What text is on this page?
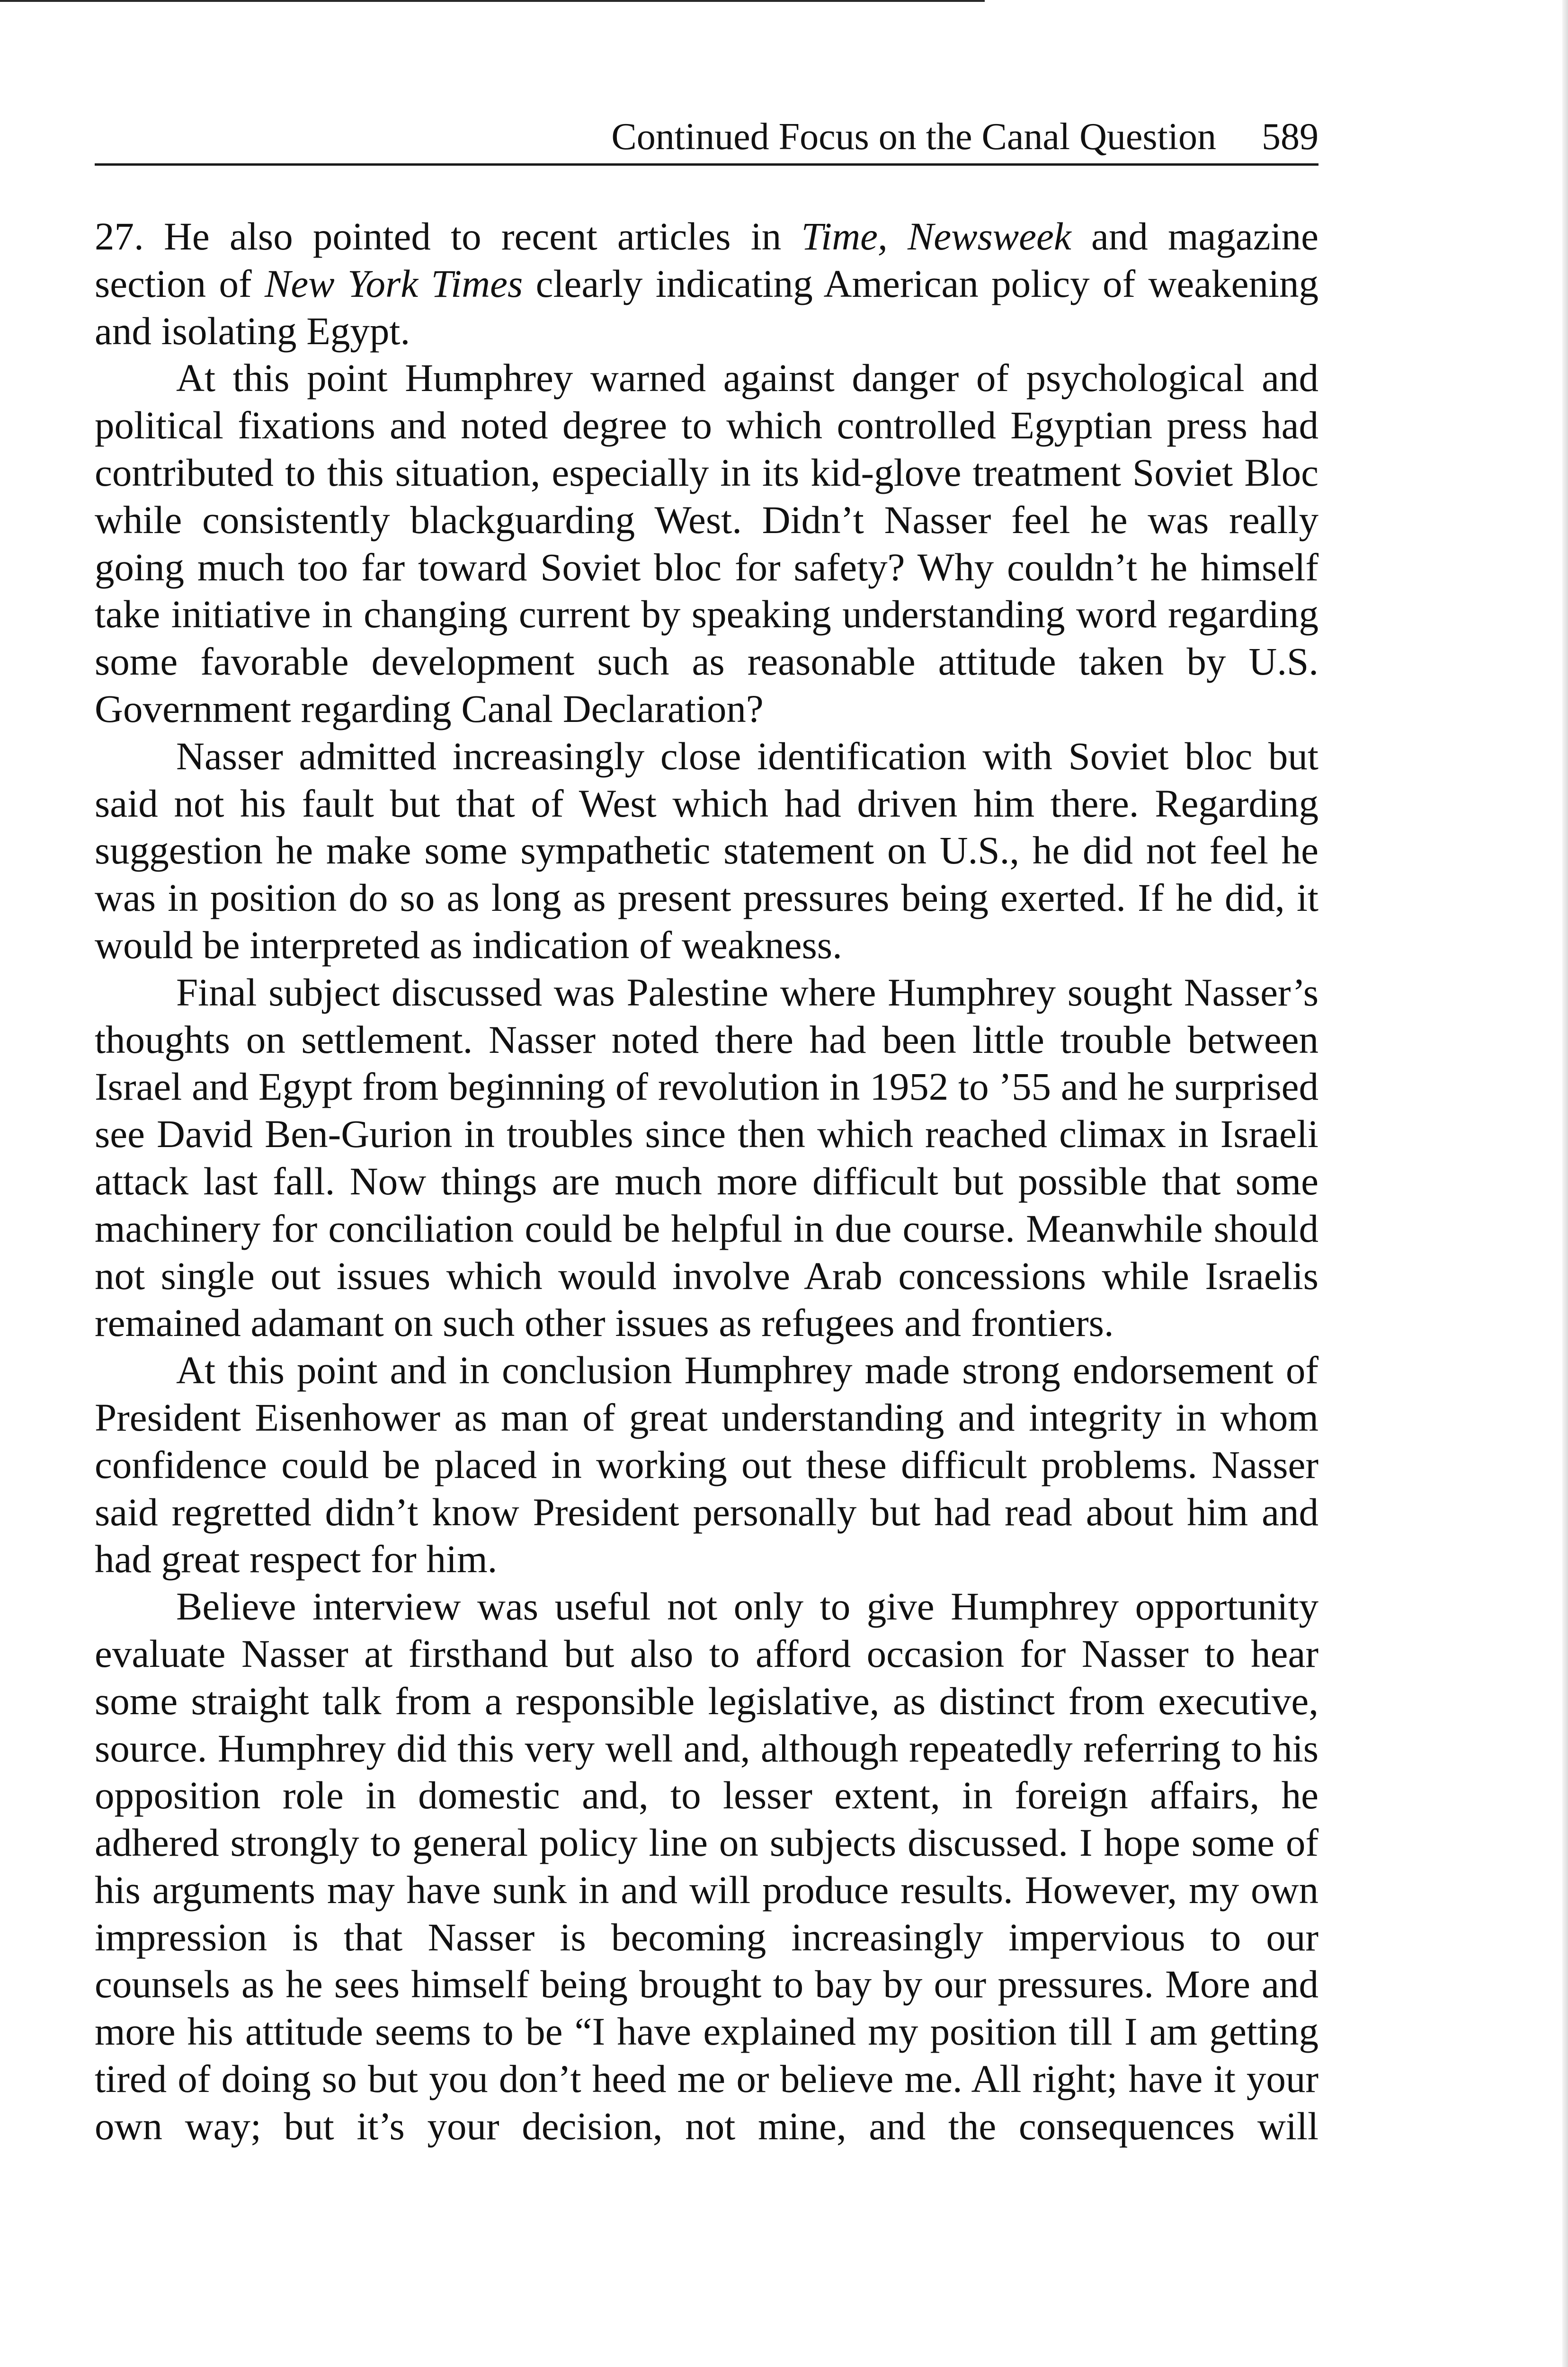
Continued Focus on the Canal Question 589

27. He also pointed to recent articles in Time, Newsweek and magazine section of New York Times clearly indicating American policy of weakening and isolating Egypt.

At this point Humphrey warned against danger of psychological and political fixations and noted degree to which controlled Egyptian press had contributed to this situation, especially in its kid-glove treatment Soviet Bloc while consistently blackguarding West. Didn’t Nasser feel he was really going much too far toward Soviet bloc for safety? Why couldn’t he himself take initiative in changing current by speaking understanding word regarding some favorable development such as reasonable attitude taken by U.S. Government regarding Canal Declaration?

Nasser admitted increasingly close identification with Soviet bloc but said not his fault but that of West which had driven him there. Regarding suggestion he make some sympathetic statement on U.S., he did not feel he was in position do so as long as present pressures being exerted. If he did, it would be interpreted as indication of weakness.

Final subject discussed was Palestine where Humphrey sought Nasser’s thoughts on settlement. Nasser noted there had been little trouble between Israel and Egypt from beginning of revolution in 1952 to ’55 and he surprised see David Ben-Gurion in troubles since then which reached climax in Israeli attack last fall. Now things are much more difficult but possible that some machinery for conciliation could be helpful in due course. Meanwhile should not single out issues which would involve Arab concessions while Israelis remained adamant on such other issues as refugees and frontiers.

At this point and in conclusion Humphrey made strong endorsement of President Eisenhower as man of great understanding and integrity in whom confidence could be placed in working out these difficult problems. Nasser said regretted didn’t know President personally but had read about him and had great respect for him.

Believe interview was useful not only to give Humphrey opportunity evaluate Nasser at firsthand but also to afford occasion for Nasser to hear some straight talk from a responsible legislative, as distinct from executive, source. Humphrey did this very well and, although repeatedly referring to his opposition role in domestic and, to lesser extent, in foreign affairs, he adhered strongly to general policy line on subjects discussed. I hope some of his arguments may have sunk in and will produce results. However, my own impression is that Nasser is becoming increasingly impervious to our counsels as he sees himself being brought to bay by our pressures. More and more his attitude seems to be “I have explained my position till I am getting tired of doing so but you don’t heed me or believe me. All right; have it your own way; but it’s your decision, not mine, and the consequences will
